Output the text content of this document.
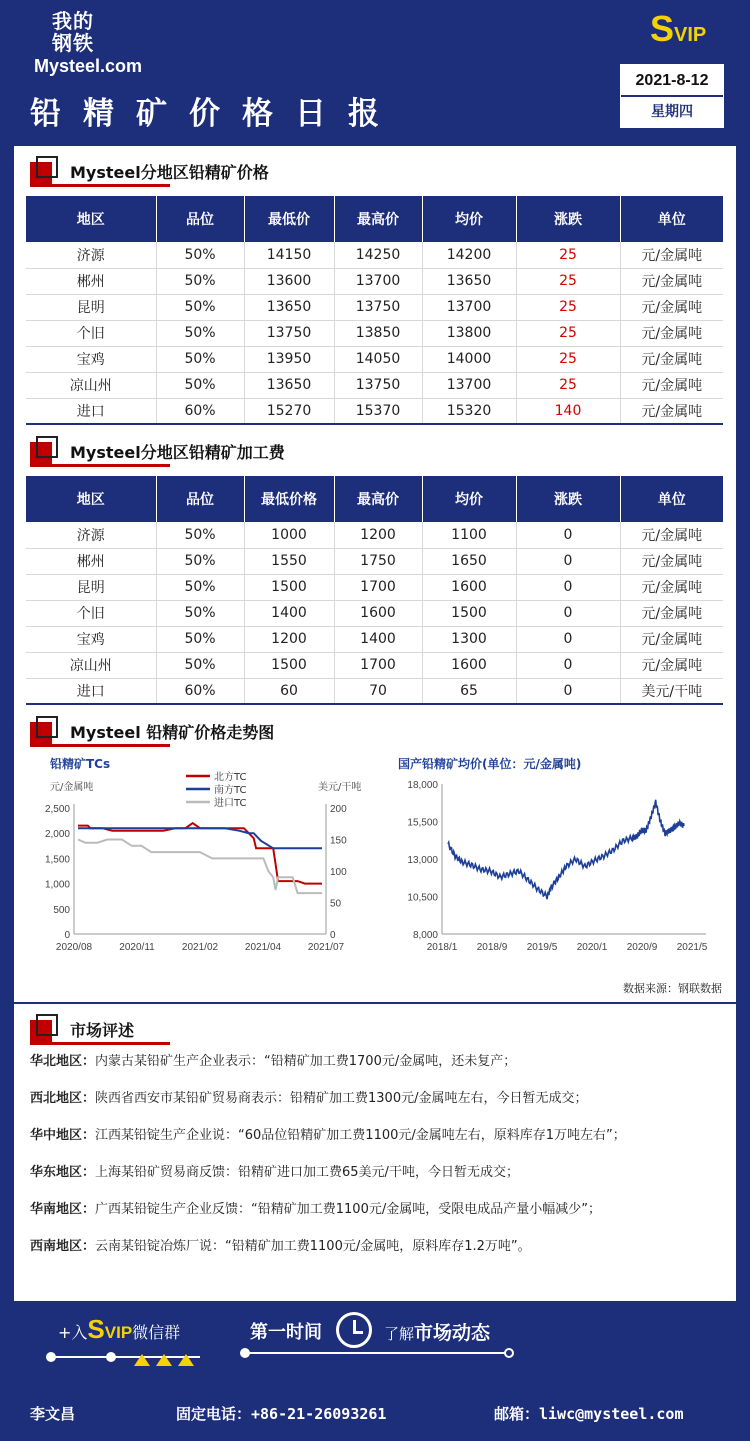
我的
钢铁
Mysteel.com
铅精矿价格日报
SVIP
2021-8-12
星期四
Mysteel分地区铅精矿价格
地区	品位	最低价	最高价	均价	涨跌	单位
济源	50%	14150	14250	14200	25	元/金属吨
郴州	50%	13600	13700	13650	25	元/金属吨
昆明	50%	13650	13750	13700	25	元/金属吨
个旧	50%	13750	13850	13800	25	元/金属吨
宝鸡	50%	13950	14050	14000	25	元/金属吨
凉山州	50%	13650	13750	13700	25	元/金属吨
进口	60%	15270	15370	15320	140	元/金属吨
Mysteel分地区铅精矿加工费
地区	品位	最低价格	最高价	均价	涨跌	单位
济源	50%	1000	1200	1100	0	元/金属吨
郴州	50%	1550	1750	1650	0	元/金属吨
昆明	50%	1500	1700	1600	0	元/金属吨
个旧	50%	1400	1600	1500	0	元/金属吨
宝鸡	50%	1200	1400	1300	0	元/金属吨
凉山州	50%	1500	1700	1600	0	元/金属吨
进口	60%	60	70	65	0	美元/干吨
Mysteel 铅精矿价格走势图
铅精矿TCs
元/金属吨	美元/干吨
2,500
2,000
1,500
1,000
500
0
200
150
100
50
0
2020/08	2020/11	2021/02	2021/04	2021/07
北方TC
南方TC
进口TC
国产铅精矿均价(单位：元/金属吨)
18,000
15,500
13,000
10,500
8,000
2018/1 2018/9 2019/5 2020/1 2020/9 2021/5
数据来源：钢联数据
市场评述
华北地区：内蒙古某铅矿生产企业表示：“铅精矿加工费1700元/金属吨，还未复产；
西北地区：陕西省西安市某铅矿贸易商表示：铅精矿加工费1300元/金属吨左右，今日暂无成交；
华中地区：江西某铅锭生产企业说：“60品位铅精矿加工费1100元/金属吨左右，原料库存1万吨左右”；
华东地区：上海某铅矿贸易商反馈：铅精矿进口加工费65美元/干吨，今日暂无成交；
华南地区：广西某铅锭生产企业反馈：“铅精矿加工费1100元/金属吨，受限电成品产量小幅减少”；
西南地区：云南某铅锭冶炼厂说：“铅精矿加工费1100元/金属吨，原料库存1.2万吨”。
+入SVIP微信群	第一时间	了解市场动态
李文昌	固定电话：+86-21-26093261	邮箱：liwc@mysteel.com
